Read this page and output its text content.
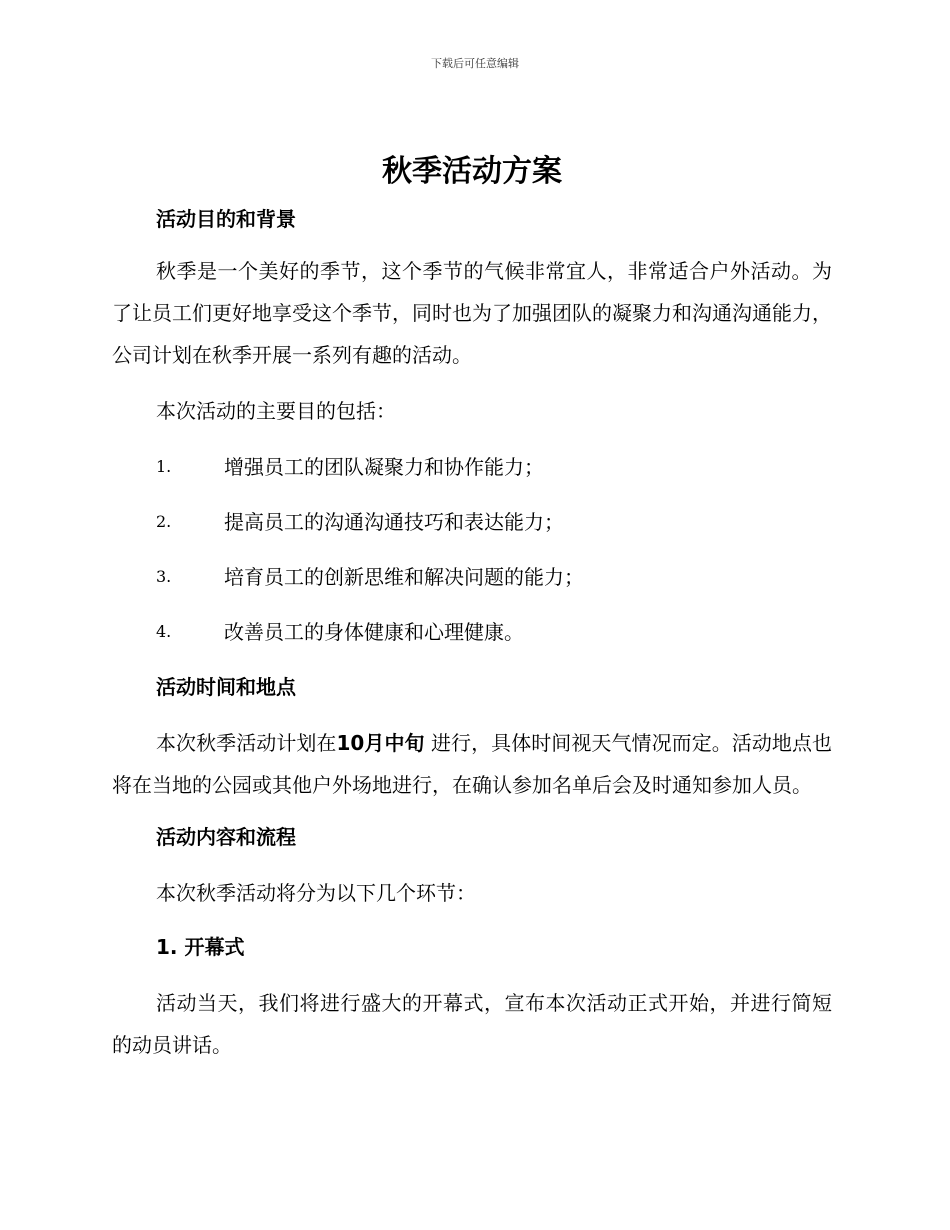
下载后可任意编辑
秋季活动方案
活动目的和背景

秋季是一个美好的季节，这个季节的气候非常宜人，非常适合户外活动。为了让员工们更好地享受这个季节，同时也为了加强团队的凝聚力和沟通沟通能力，公司计划在秋季开展一系列有趣的活动。

本次活动的主要目的包括：

1.	增强员工的团队凝聚力和协作能力；
2.	提高员工的沟通沟通技巧和表达能力；
3.	培育员工的创新思维和解决问题的能力；
4.	改善员工的身体健康和心理健康。
活动时间和地点

本次秋季活动计划在10月中旬 进行，具体时间视天气情况而定。活动地点也将在当地的公园或其他户外场地进行，在确认参加名单后会及时通知参加人员。

活动内容和流程

本次秋季活动将分为以下几个环节：

1. 开幕式

活动当天，我们将进行盛大的开幕式，宣布本次活动正式开始，并进行简短的动员讲话。
